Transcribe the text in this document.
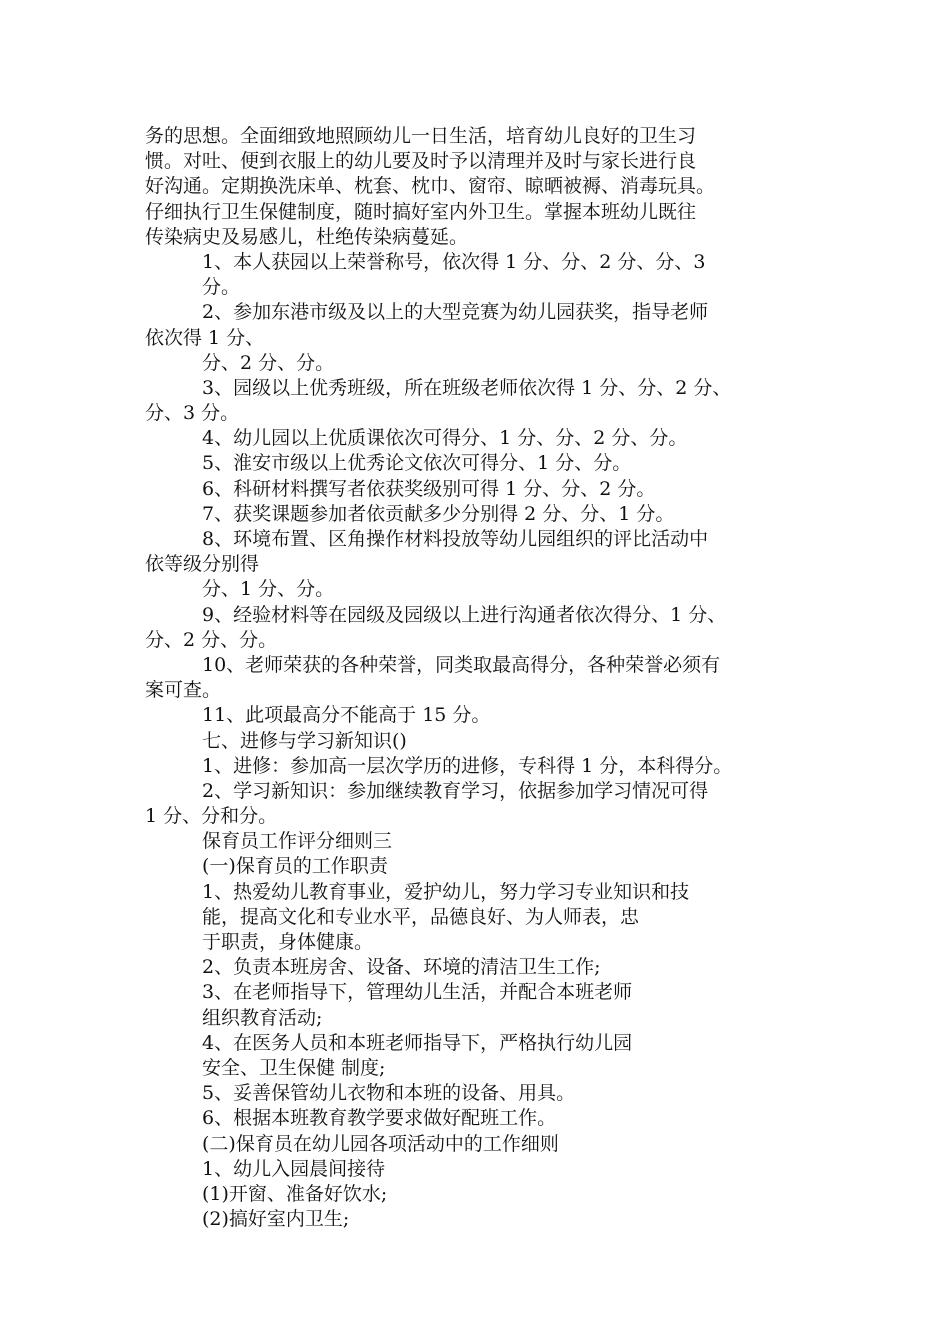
务的思想。全面细致地照顾幼儿一日生活，培育幼儿良好的卫生习
惯。对吐、便到衣服上的幼儿要及时予以清理并及时与家长进行良
好沟通。定期换洗床单、枕套、枕巾、窗帘、晾晒被褥、消毒玩具。
仔细执行卫生保健制度，随时搞好室内外卫生。掌握本班幼儿既往
传染病史及易感儿，杜绝传染病蔓延。
1、本人获园以上荣誉称号，依次得 1 分、分、2 分、分、3
分。
2、参加东港市级及以上的大型竞赛为幼儿园获奖，指导老师
依次得 1 分、
分、2 分、分。
3、园级以上优秀班级，所在班级老师依次得 1 分、分、2 分、
分、3 分。
4、幼儿园以上优质课依次可得分、1 分、分、2 分、分。
5、淮安市级以上优秀论文依次可得分、1 分、分。
6、科研材料撰写者依获奖级别可得 1 分、分、2 分。
7、获奖课题参加者依贡献多少分别得 2 分、分、1 分。
8、环境布置、区角操作材料投放等幼儿园组织的评比活动中
依等级分别得
分、1 分、分。
9、经验材料等在园级及园级以上进行沟通者依次得分、1 分、
分、2 分、分。
10、老师荣获的各种荣誉，同类取最高得分，各种荣誉必须有
案可查。
11、此项最高分不能高于 15 分。
七、进修与学习新知识()
1、进修：参加高一层次学历的进修，专科得 1 分，本科得分。
2、学习新知识：参加继续教育学习，依据参加学习情况可得
1 分、分和分。
保育员工作评分细则三
(一)保育员的工作职责
1、热爱幼儿教育事业，爱护幼儿，努力学习专业知识和技
能，提高文化和专业水平，品德良好、为人师表，忠
于职责，身体健康。
2、负责本班房舍、设备、环境的清洁卫生工作;
3、在老师指导下，管理幼儿生活，并配合本班老师
组织教育活动;
4、在医务人员和本班老师指导下，严格执行幼儿园
安全、卫生保健 制度;
5、妥善保管幼儿衣物和本班的设备、用具。
6、根据本班教育教学要求做好配班工作。
(二)保育员在幼儿园各项活动中的工作细则
1、幼儿入园晨间接待
(1)开窗、准备好饮水;
(2)搞好室内卫生;
